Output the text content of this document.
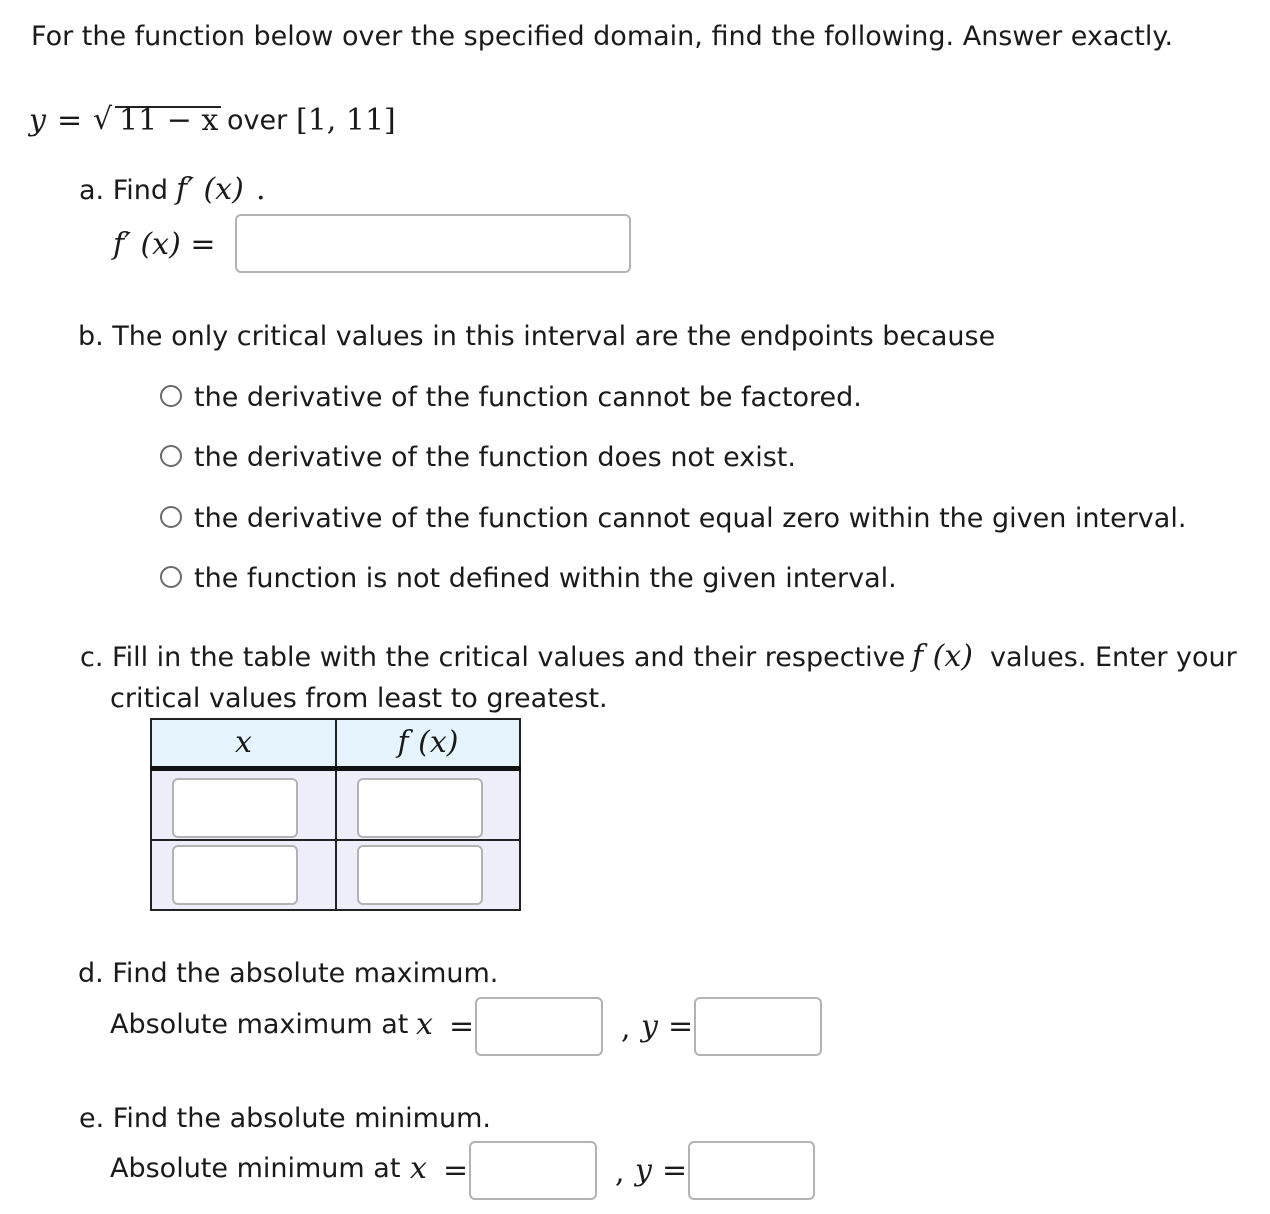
For the function below over the specified domain, find the following. Answer exactly.
y = √ 11 − x over [1, 11]
a. Find f′ (x) .
f′ (x) =
b. The only critical values in this interval are the endpoints because
the derivative of the function cannot be factored.
the derivative of the function does not exist.
the derivative of the function cannot equal zero within the given interval.
the function is not defined within the given interval.
c. Fill in the table with the critical values and their respective f (x) values. Enter your
critical values from least to greatest.
x	f (x)

d. Find the absolute maximum.
Absolute maximum at x =	, y =
e. Find the absolute minimum.
Absolute minimum at x =	, y =
